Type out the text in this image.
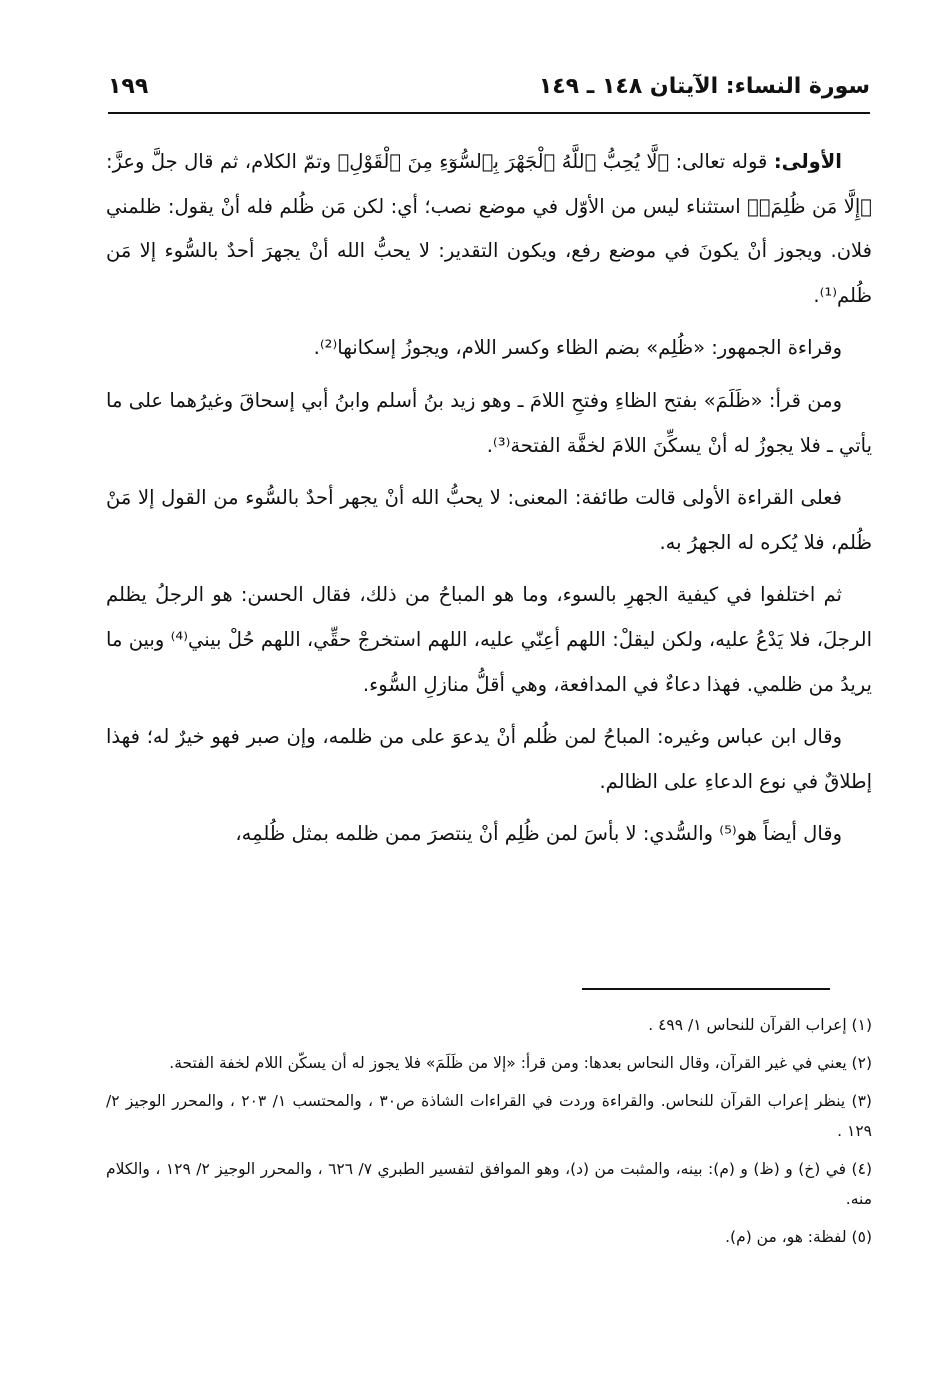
سورة النساء: الآيتان ١٤٨ ـ ١٤٩
١٩٩

الأولى: قوله تعالى: ﴿لَّا يُحِبُّ ٱللَّهُ ٱلْجَهْرَ بِٱلسُّوٓءِ مِنَ ٱلْقَوْلِ﴾ وتمّ الكلام، ثم قال جلَّ وعزَّ: ﴿إِلَّا مَن ظُلِمَۚ﴾ استثناء ليس من الأوّل في موضع نصب؛ أي: لكن مَن ظُلم فله أنْ يقول: ظلمني فلان. ويجوز أنْ يكونَ في موضع رفع، ويكون التقدير: لا يحبُّ الله أنْ يجهرَ أحدٌ بالسُّوء إلا مَن ظُلم⁽¹⁾.

وقراءة الجمهور: «ظُلِم» بضم الظاء وكسر اللام، ويجوزُ إسكانها⁽²⁾.

ومن قرأ: «ظَلَمَ» بفتح الظاءِ وفتحِ اللامَ ـ وهو زيد بنُ أسلم وابنُ أبي إسحاقَ وغيرُهما على ما يأتي ـ فلا يجوزُ له أنْ يسكِّنَ اللامَ لخفَّة الفتحة⁽³⁾.

فعلى القراءة الأولى قالت طائفة: المعنى: لا يحبُّ الله أنْ يجهر أحدٌ بالسُّوء من القول إلا مَنْ ظُلم، فلا يُكره له الجهرُ به.

ثم اختلفوا في كيفية الجهرِ بالسوء، وما هو المباحُ من ذلك، فقال الحسن: هو الرجلُ يظلم الرجلَ، فلا يَدْعُ عليه، ولكن ليقلْ: اللهم أعِنّي عليه، اللهم استخرجْ حقِّي، اللهم حُلْ بيني⁽⁴⁾ وبين ما يريدُ من ظلمي. فهذا دعاءٌ في المدافعة، وهي أقلُّ منازلِ السُّوء.

وقال ابن عباس وغيره: المباحُ لمن ظُلم أنْ يدعوَ على من ظلمه، وإن صبر فهو خيرٌ له؛ فهذا إطلاقٌ في نوع الدعاءِ على الظالم.

وقال أيضاً هو⁽⁵⁾ والسُّدي: لا بأسَ لمن ظُلِم أنْ ينتصرَ ممن ظلمه بمثل ظُلمِه،

(١) إعراب القرآن للنحاس ١/ ٤٩٩ .
(٢) يعني في غير القرآن، وقال النحاس بعدها: ومن قرأ: «إلا من ظَلَمَ» فلا يجوز له أن يسكّن اللام لخفة الفتحة.
(٣) ينظر إعراب القرآن للنحاس. والقراءة وردت في القراءات الشاذة ص٣٠ ، والمحتسب ١/ ٢٠٣ ، والمحرر الوجيز ٢/ ١٢٩ .
(٤) في (خ) و (ظ) و (م): بينه، والمثبت من (د)، وهو الموافق لتفسير الطبري ٧/ ٦٢٦ ، والمحرر الوجيز ٢/ ١٢٩ ، والكلام منه.
(٥) لفظة: هو، من (م).
